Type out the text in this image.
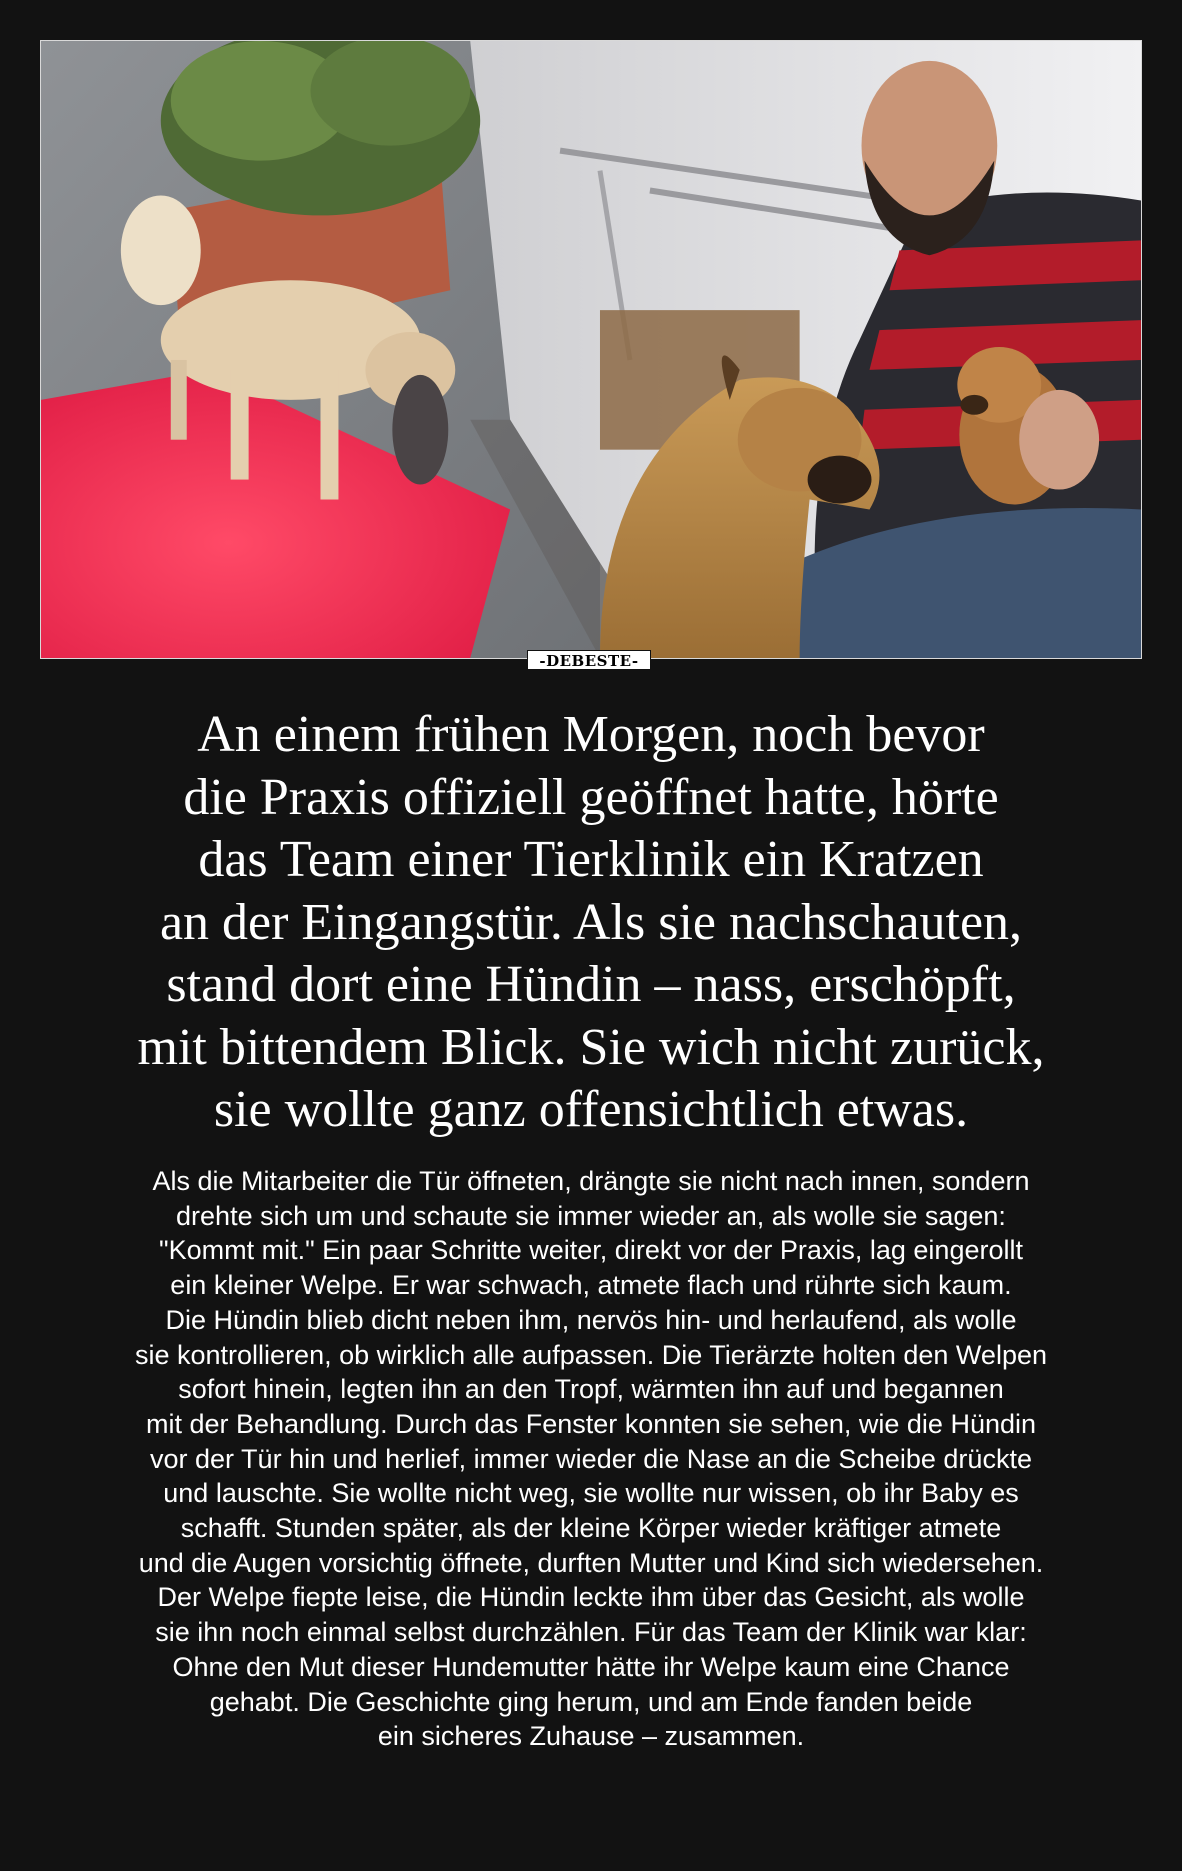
-DEBESTE-
An einem frühen Morgen, noch bevor
die Praxis offiziell geöffnet hatte, hörte
das Team einer Tierklinik ein Kratzen
an der Eingangstür. Als sie nachschauten,
stand dort eine Hündin – nass, erschöpft,
mit bittendem Blick. Sie wich nicht zurück,
sie wollte ganz offensichtlich etwas.
Als die Mitarbeiter die Tür öffneten, drängte sie nicht nach innen, sondern
drehte sich um und schaute sie immer wieder an, als wolle sie sagen:
"Kommt mit." Ein paar Schritte weiter, direkt vor der Praxis, lag eingerollt
ein kleiner Welpe. Er war schwach, atmete flach und rührte sich kaum.
Die Hündin blieb dicht neben ihm, nervös hin- und herlaufend, als wolle
sie kontrollieren, ob wirklich alle aufpassen. Die Tierärzte holten den Welpen
sofort hinein, legten ihn an den Tropf, wärmten ihn auf und begannen
mit der Behandlung. Durch das Fenster konnten sie sehen, wie die Hündin
vor der Tür hin und herlief, immer wieder die Nase an die Scheibe drückte
und lauschte. Sie wollte nicht weg, sie wollte nur wissen, ob ihr Baby es
schafft. Stunden später, als der kleine Körper wieder kräftiger atmete
und die Augen vorsichtig öffnete, durften Mutter und Kind sich wiedersehen.
Der Welpe fiepte leise, die Hündin leckte ihm über das Gesicht, als wolle
sie ihn noch einmal selbst durchzählen. Für das Team der Klinik war klar:
Ohne den Mut dieser Hundemutter hätte ihr Welpe kaum eine Chance
gehabt. Die Geschichte ging herum, und am Ende fanden beide
ein sicheres Zuhause – zusammen.
